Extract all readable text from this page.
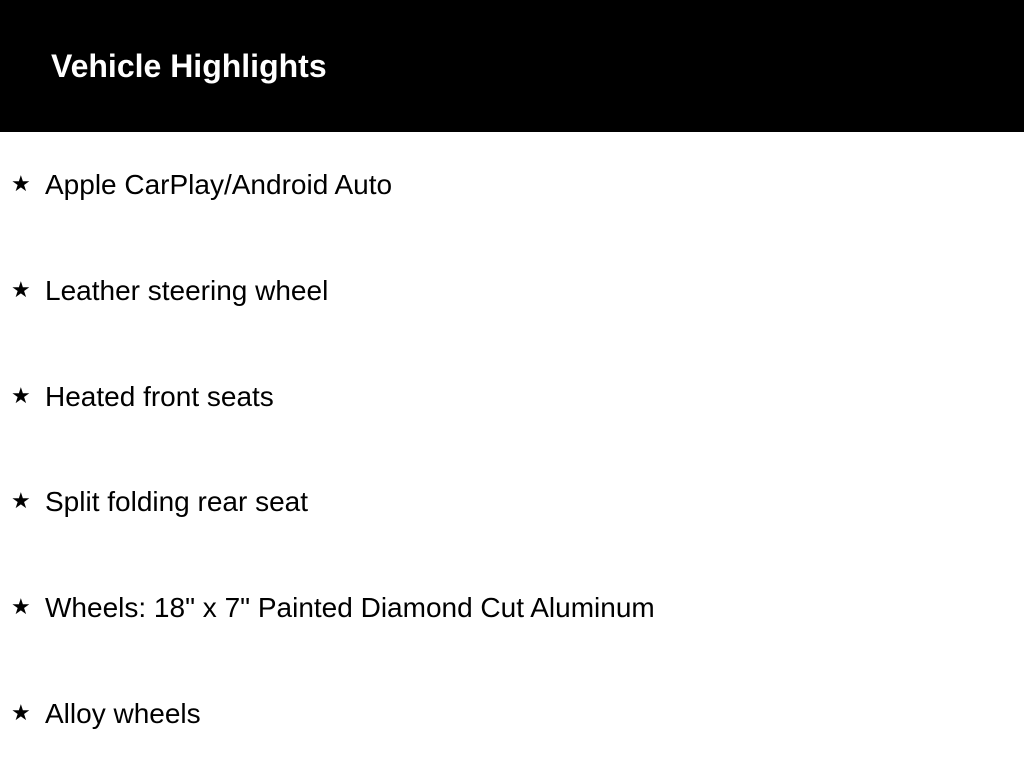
Vehicle Highlights
★ Apple CarPlay/Android Auto
★ Leather steering wheel
★ Heated front seats
★ Split folding rear seat
★ Wheels: 18" x 7" Painted Diamond Cut Aluminum
★ Alloy wheels
